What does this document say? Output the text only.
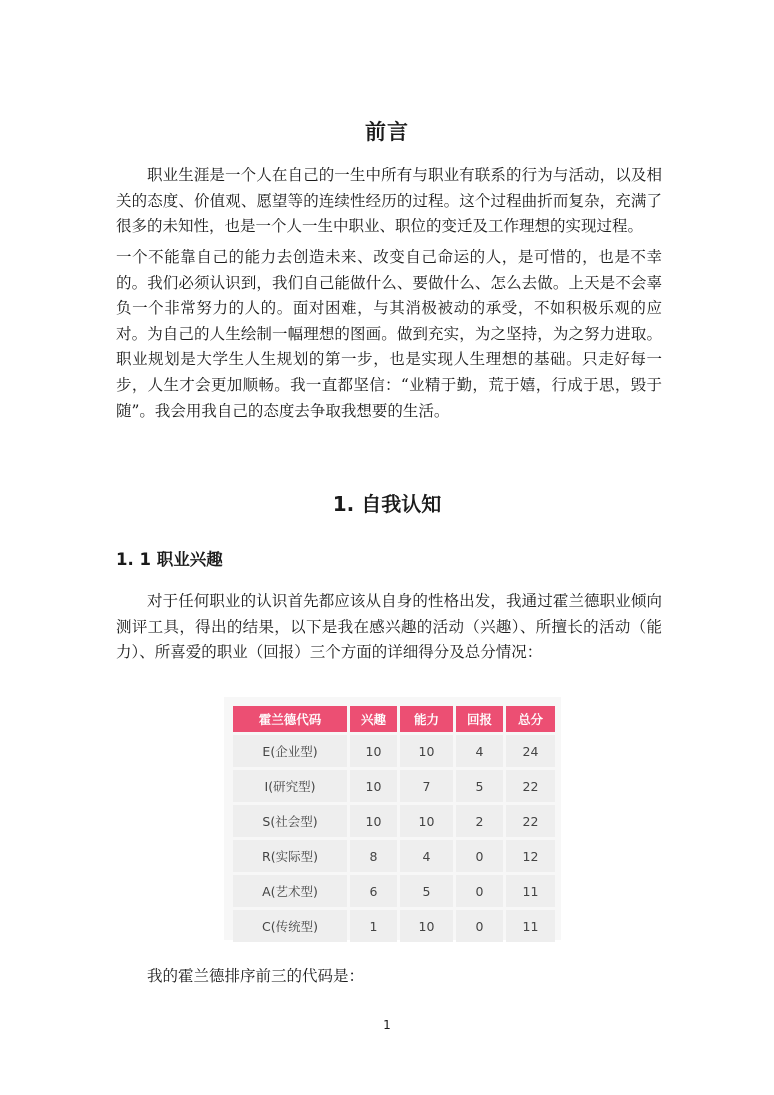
前言

职业生涯是一个人在自己的一生中所有与职业有联系的行为与活动，以及相关的态度、价值观、愿望等的连续性经历的过程。这个过程曲折而复杂，充满了很多的未知性，也是一个人一生中职业、职位的变迁及工作理想的实现过程。

一个不能靠自己的能力去创造未来、改变自己命运的人，是可惜的，也是不幸的。我们必须认识到，我们自己能做什么、要做什么、怎么去做。上天是不会辜负一个非常努力的人的。面对困难，与其消极被动的承受，不如积极乐观的应对。为自己的人生绘制一幅理想的图画。做到充实，为之坚持，为之努力进取。职业规划是大学生人生规划的第一步，也是实现人生理想的基础。只走好每一步，人生才会更加顺畅。我一直都坚信：“业精于勤，荒于嬉，行成于思，毁于随”。我会用我自己的态度去争取我想要的生活。

1. 自我认知
1. 1 职业兴趣

对于任何职业的认识首先都应该从自身的性格出发，我通过霍兰德职业倾向测评工具，得出的结果，以下是我在感兴趣的活动（兴趣）、所擅长的活动（能力）、所喜爱的职业（回报）三个方面的详细得分及总分情况：

霍兰德代码	兴趣	能力	回报	总分
E(企业型)	10	10	4	24
I(研究型)	10	7	5	22
S(社会型)	10	10	2	22
R(实际型)	8	4	0	12
A(艺术型)	6	5	0	11
C(传统型)	1	10	0	11
我的霍兰德排序前三的代码是：
1
